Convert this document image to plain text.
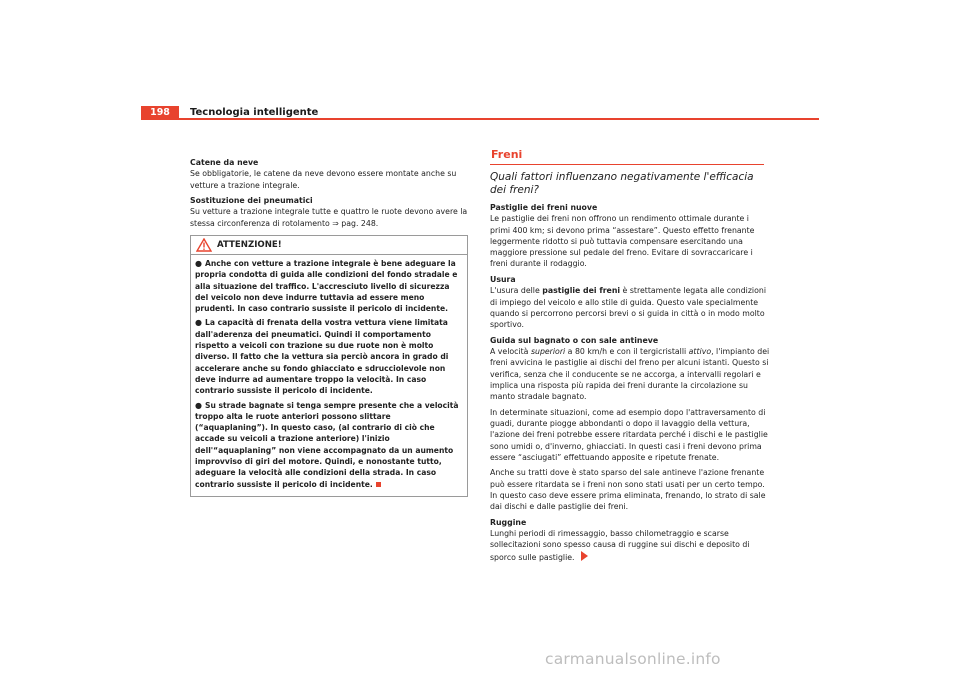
198	Tecnologia intelligente

Catene da neve

Se obbligatorie, le catene da neve devono essere montate anche su vetture a trazione integrale.

Sostituzione dei pneumatici

Su vetture a trazione integrale tutte e quattro le ruote devono avere la stessa circonferenza di rotolamento ⇒ pag. 248.

ATTENZIONE!

● Anche con vetture a trazione integrale è bene adeguare la propria condotta di guida alle condizioni del fondo stradale e alla situazione del traffico. L'accresciuto livello di sicurezza del veicolo non deve indurre tuttavia ad essere meno prudenti. In caso contrario sussiste il pericolo di incidente.

● La capacità di frenata della vostra vettura viene limitata dall'aderenza dei pneumatici. Quindi il comportamento rispetto a veicoli con trazione su due ruote non è molto diverso. Il fatto che la vettura sia perciò ancora in grado di accelerare anche su fondo ghiacciato e sdrucciolevole non deve indurre ad aumentare troppo la velocità. In caso contrario sussiste il pericolo di incidente.

● Su strade bagnate si tenga sempre presente che a velocità troppo alta le ruote anteriori possono slittare (“aquaplaning”). In questo caso, (al contrario di ciò che accade su veicoli a trazione anteriore) l'inizio dell'“aquaplaning” non viene accompagnato da un aumento improvviso di giri del motore. Quindi, e nonostante tutto, adeguare la velocità alle condizioni della strada. In caso contrario sussiste il pericolo di incidente.

Freni
Quali fattori influenzano negativamente l'efficacia dei freni?

Pastiglie dei freni nuove

Le pastiglie dei freni non offrono un rendimento ottimale durante i primi 400 km; si devono prima “assestare”. Questo effetto frenante leggermente ridotto si può tuttavia compensare esercitando una maggiore pressione sul pedale del freno. Evitare di sovraccaricare i freni durante il rodaggio.

Usura

L'usura delle pastiglie dei freni è strettamente legata alle condizioni di impiego del veicolo e allo stile di guida. Questo vale specialmente quando si percorrono percorsi brevi o si guida in città o in modo molto sportivo.

Guida sul bagnato o con sale antineve

A velocità superiori a 80 km/h e con il tergicristalli attivo, l'impianto dei freni avvicina le pastiglie ai dischi del freno per alcuni istanti. Questo si verifica, senza che il conducente se ne accorga, a intervalli regolari e implica una risposta più rapida dei freni durante la circolazione su manto stradale bagnato.

In determinate situazioni, come ad esempio dopo l'attraversamento di guadi, durante piogge abbondanti o dopo il lavaggio della vettura, l'azione dei freni potrebbe essere ritardata perché i dischi e le pastiglie sono umidi o, d'inverno, ghiacciati. In questi casi i freni devono prima essere “asciugati” effettuando apposite e ripetute frenate.

Anche su tratti dove è stato sparso del sale antineve l'azione frenante può essere ritardata se i freni non sono stati usati per un certo tempo. In questo caso deve essere prima eliminata, frenando, lo strato di sale dai dischi e dalle pastiglie dei freni.

Ruggine

Lunghi periodi di rimessaggio, basso chilometraggio e scarse sollecitazioni sono spesso causa di ruggine sui dischi e deposito di sporco sulle pastiglie.

carmanualsonline.info
